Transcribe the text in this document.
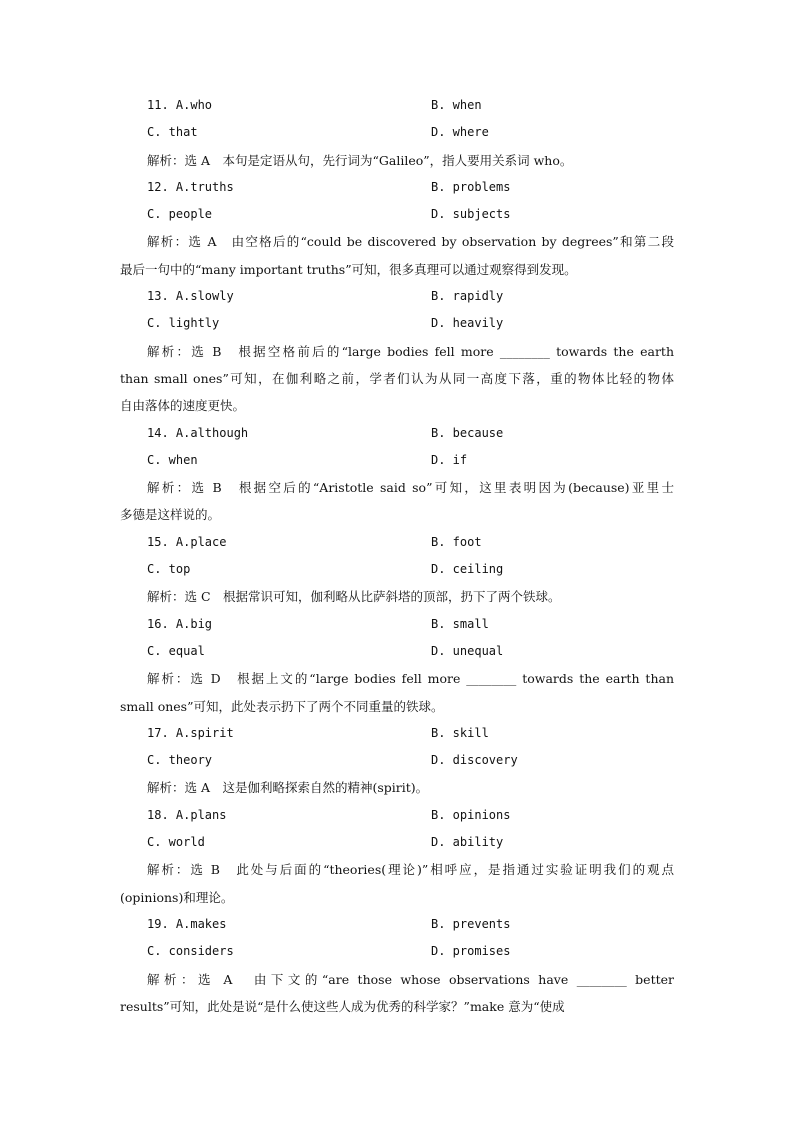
11. A.who	B. when
C. that	D. where
解析：选 A　本句是定语从句，先行词为“Galileo”，指人要用关系词 who。
12. A.truths	B. problems
C. people	D. subjects
解析：选 A　由空格后的“could be discovered by observation by degrees”和第二段
最后一句中的“many important truths”可知，很多真理可以通过观察得到发现。
13. A.slowly	B. rapidly
C. lightly	D. heavily
解析：选 B　根据空格前后的“large bodies fell more ________ towards the earth
than small ones”可知，在伽利略之前，学者们认为从同一高度下落，重的物体比轻的物体
自由落体的速度更快。
14. A.although	B. because
C. when	D. if
解析：选 B　根据空后的“Aristotle said so”可知，这里表明因为(because)亚里士
多德是这样说的。
15. A.place	B. foot
C. top	D. ceiling
解析：选 C　根据常识可知，伽利略从比萨斜塔的顶部，扔下了两个铁球。
16. A.big	B. small
C. equal	D. unequal
解析：选 D　根据上文的“large bodies fell more ________ towards the earth than
small ones”可知，此处表示扔下了两个不同重量的铁球。
17. A.spirit	B. skill
C. theory	D. discovery
解析：选 A　这是伽利略探索自然的精神(spirit)。
18. A.plans	B. opinions
C. world	D. ability
解析：选 B　此处与后面的“theories(理论)”相呼应，是指通过实验证明我们的观点
(opinions)和理论。
19. A.makes	B. prevents
C. considers	D. promises
解析：选 A　由下文的“are those whose observations have ________ better
results”可知，此处是说“是什么使这些人成为优秀的科学家？”make 意为“使成
